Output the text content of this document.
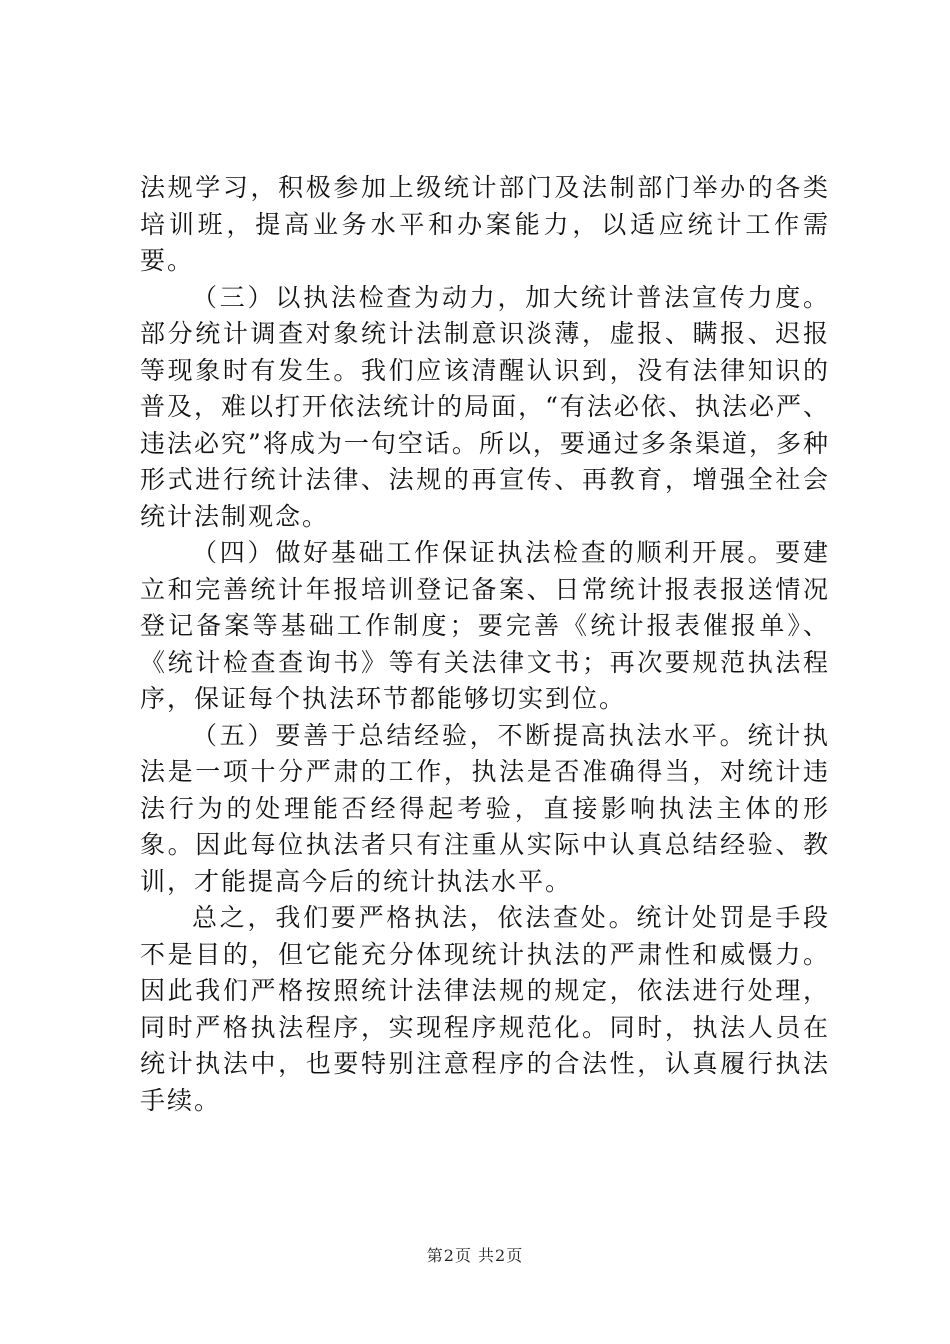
法规学习，积极参加上级统计部门及法制部门举办的各类培训班，提高业务水平和办案能力，以适应统计工作需要。

（三）以执法检查为动力，加大统计普法宣传力度。部分统计调查对象统计法制意识淡薄，虚报、瞒报、迟报等现象时有发生。我们应该清醒认识到，没有法律知识的普及，难以打开依法统计的局面，“有法必依、执法必严、违法必究”将成为一句空话。所以，要通过多条渠道，多种形式进行统计法律、法规的再宣传、再教育，增强全社会统计法制观念。

（四）做好基础工作保证执法检查的顺利开展。要建立和完善统计年报培训登记备案、日常统计报表报送情况登记备案等基础工作制度；要完善《统计报表催报单》、《统计检查查询书》等有关法律文书；再次要规范执法程序，保证每个执法环节都能够切实到位。

（五）要善于总结经验，不断提高执法水平。统计执法是一项十分严肃的工作，执法是否准确得当，对统计违法行为的处理能否经得起考验，直接影响执法主体的形象。因此每位执法者只有注重从实际中认真总结经验、教训，才能提高今后的统计执法水平。

总之，我们要严格执法，依法查处。统计处罚是手段不是目的，但它能充分体现统计执法的严肃性和威慑力。因此我们严格按照统计法律法规的规定，依法进行处理，同时严格执法程序，实现程序规范化。同时，执法人员在统计执法中，也要特别注意程序的合法性，认真履行执法手续。

第2页 共2页
